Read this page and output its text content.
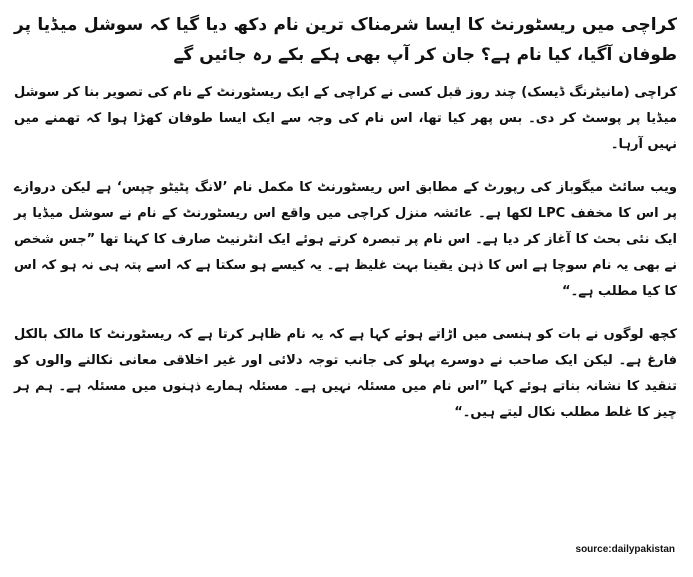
کراچی میں ریسٹورنٹ کا ایسا شرمناک ترین نام دکھ دیا گیا کہ سوشل میڈیا پر طوفان آگیا، کیا نام ہے؟ جان کر آپ بھی ہکے بکے رہ جائیں گے

کراچی (مانیٹرنگ ڈیسک) چند روز قبل کسی نے کراچی کے ایک ریسٹورنٹ کے نام کی تصویر بنا کر سوشل میڈیا پر پوسٹ کر دی۔ بس پھر کیا تھا، اس نام کی وجہ سے ایک ایسا طوفان کھڑا ہوا کہ تھمنے میں نہیں آرہا۔

ویب سائٹ میگوباز کی رپورٹ کے مطابق اس ریسٹورنٹ کا مکمل نام ’لانگ پٹیٹو چپس‘ ہے لیکن دروازے پر اس کا مخفف LPC لکھا ہے۔ عائشہ منزل کراچی میں واقع اس ریسٹورنٹ کے نام نے سوشل میڈیا پر ایک نئی بحث کا آغاز کر دیا ہے۔ اس نام پر تبصرہ کرتے ہوئے ایک انٹرنیٹ صارف کا کہنا تھا ”جس شخص نے بھی یہ نام سوچا ہے اس کا ذہن یقینا بہت غلیظ ہے۔ یہ کیسے ہو سکتا ہے کہ اسے پتہ ہی نہ ہو کہ اس کا کیا مطلب ہے۔“

کچھ لوگوں نے بات کو ہنسی میں اڑاتے ہوئے کہا ہے کہ یہ نام ظاہر کرتا ہے کہ ریسٹورنٹ کا مالک بالکل فارغ ہے۔ لیکن ایک صاحب نے دوسرے پہلو کی جانب توجہ دلائی اور غیر اخلاقی معانی نکالنے والوں کو تنقید کا نشانہ بناتے ہوئے کہا ”اس نام میں مسئلہ نہیں ہے۔ مسئلہ ہمارے ذہنوں میں مسئلہ ہے۔ ہم ہر چیز کا غلط مطلب نکال لیتے ہیں۔“

source:dailypakistan
